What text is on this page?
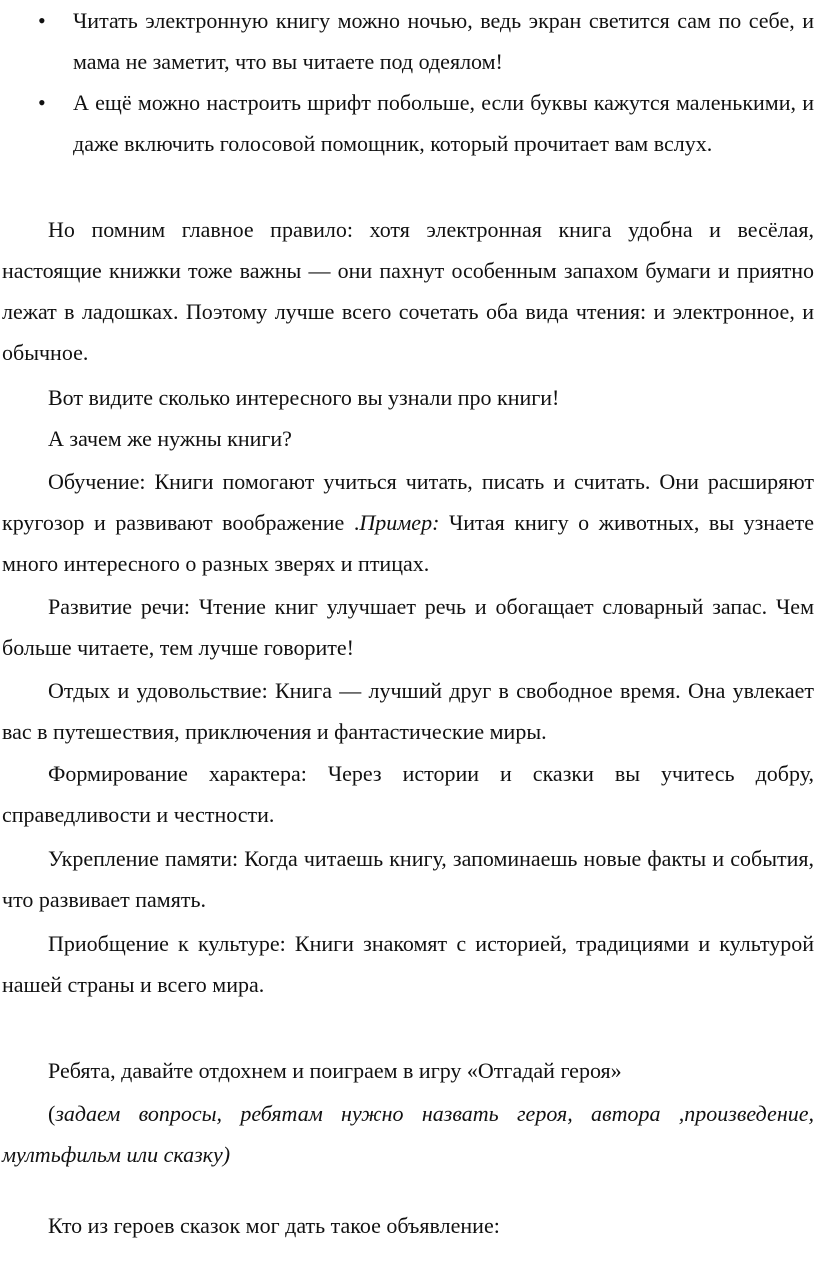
•	Читать электронную книгу можно ночью, ведь экран светится сам по себе, и мама не заметит, что вы читаете под одеялом!
•	А ещё можно настроить шрифт побольше, если буквы кажутся маленькими, и даже включить голосовой помощник, который прочитает вам вслух.

Но помним главное правило: хотя электронная книга удобна и весёлая, настоящие книжки тоже важны — они пахнут особенным запахом бумаги и приятно лежат в ладошках. Поэтому лучше всего сочетать оба вида чтения: и электронное, и обычное.

Вот видите сколько интересного вы узнали про книги!

А зачем же нужны книги?

Обучение: Книги помогают учиться читать, писать и считать. Они расширяют кругозор и развивают воображение .Пример: Читая книгу о животных, вы узнаете много интересного о разных зверях и птицах.

Развитие речи: Чтение книг улучшает речь и обогащает словарный запас. Чем больше читаете, тем лучше говорите!

Отдых и удовольствие: Книга — лучший друг в свободное время. Она увлекает вас в путешествия, приключения и фантастические миры.

Формирование характера: Через истории и сказки вы учитесь добру, справедливости и честности.

Укрепление памяти: Когда читаешь книгу, запоминаешь новые факты и события, что развивает память.

Приобщение к культуре: Книги знакомят с историей, традициями и культурой нашей страны и всего мира.

Ребята, давайте отдохнем и поиграем в игру «Отгадай героя»

(задаем вопросы, ребятам нужно назвать героя, автора ,произведение, мултьфильм или сказку)

Кто из героев сказок мог дать такое объявление:
